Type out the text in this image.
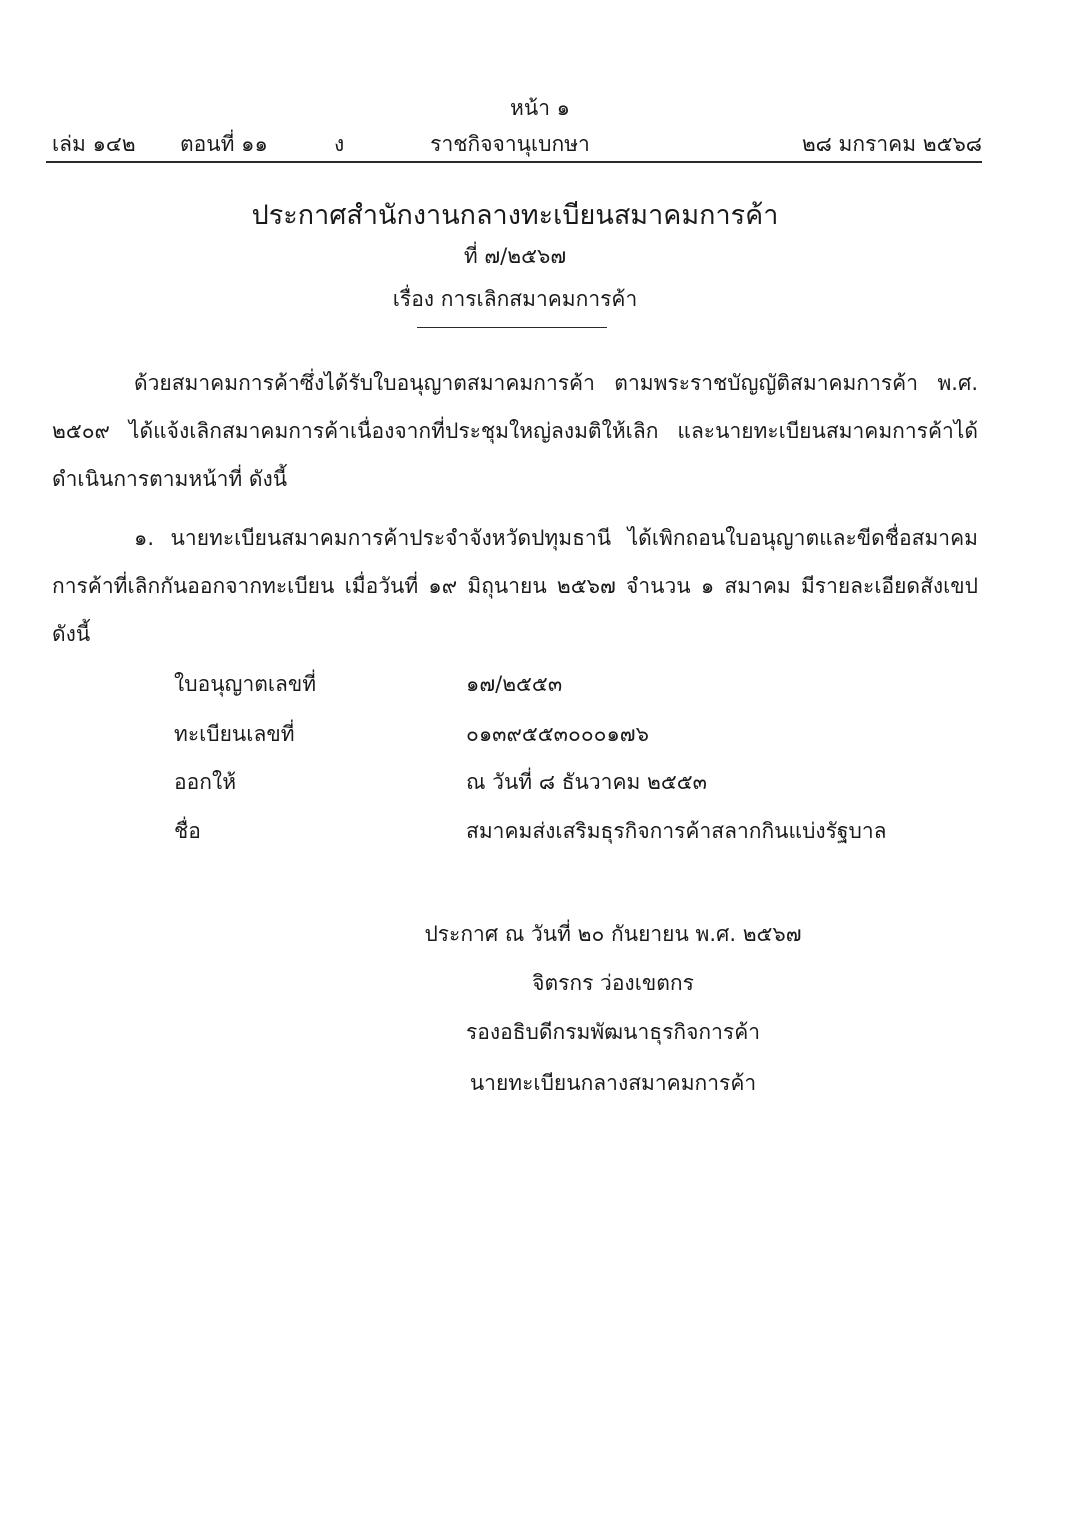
หน้า ๑
เล่ม ๑๔๒ ตอนที่ ๑๑	ง	ราชกิจจานุเบกษา	๒๘ มกราคม ๒๕๖๘
ประกาศสำนักงานกลางทะเบียนสมาคมการค้า
ที่ ๗/๒๕๖๗
เรื่อง การเลิกสมาคมการค้า
ด้วยสมาคมการค้าซึ่งได้รับใบอนุญาตสมาคมการค้า ตามพระราชบัญญัติสมาคมการค้า พ.ศ. ๒๕๐๙ ได้แจ้งเลิกสมาคมการค้าเนื่องจากที่ประชุมใหญ่ลงมติให้เลิก และนายทะเบียนสมาคมการค้าได้ดำเนินการตามหน้าที่ ดังนี้
๑. นายทะเบียนสมาคมการค้าประจำจังหวัดปทุมธานี ได้เพิกถอนใบอนุญาตและขีดชื่อสมาคมการค้าที่เลิกกันออกจากทะเบียน เมื่อวันที่ ๑๙ มิถุนายน ๒๕๖๗ จำนวน ๑ สมาคม มีรายละเอียดสังเขป ดังนี้
ใบอนุญาตเลขที่	๑๗/๒๕๕๓
ทะเบียนเลขที่	๐๑๓๙๕๕๓๐๐๐๑๗๖
ออกให้	ณ วันที่ ๘ ธันวาคม ๒๕๕๓
ชื่อ	สมาคมส่งเสริมธุรกิจการค้าสลากกินแบ่งรัฐบาล
ประกาศ ณ วันที่ ๒๐ กันยายน พ.ศ. ๒๕๖๗
จิตรกร ว่องเขตกร
รองอธิบดีกรมพัฒนาธุรกิจการค้า
นายทะเบียนกลางสมาคมการค้า
